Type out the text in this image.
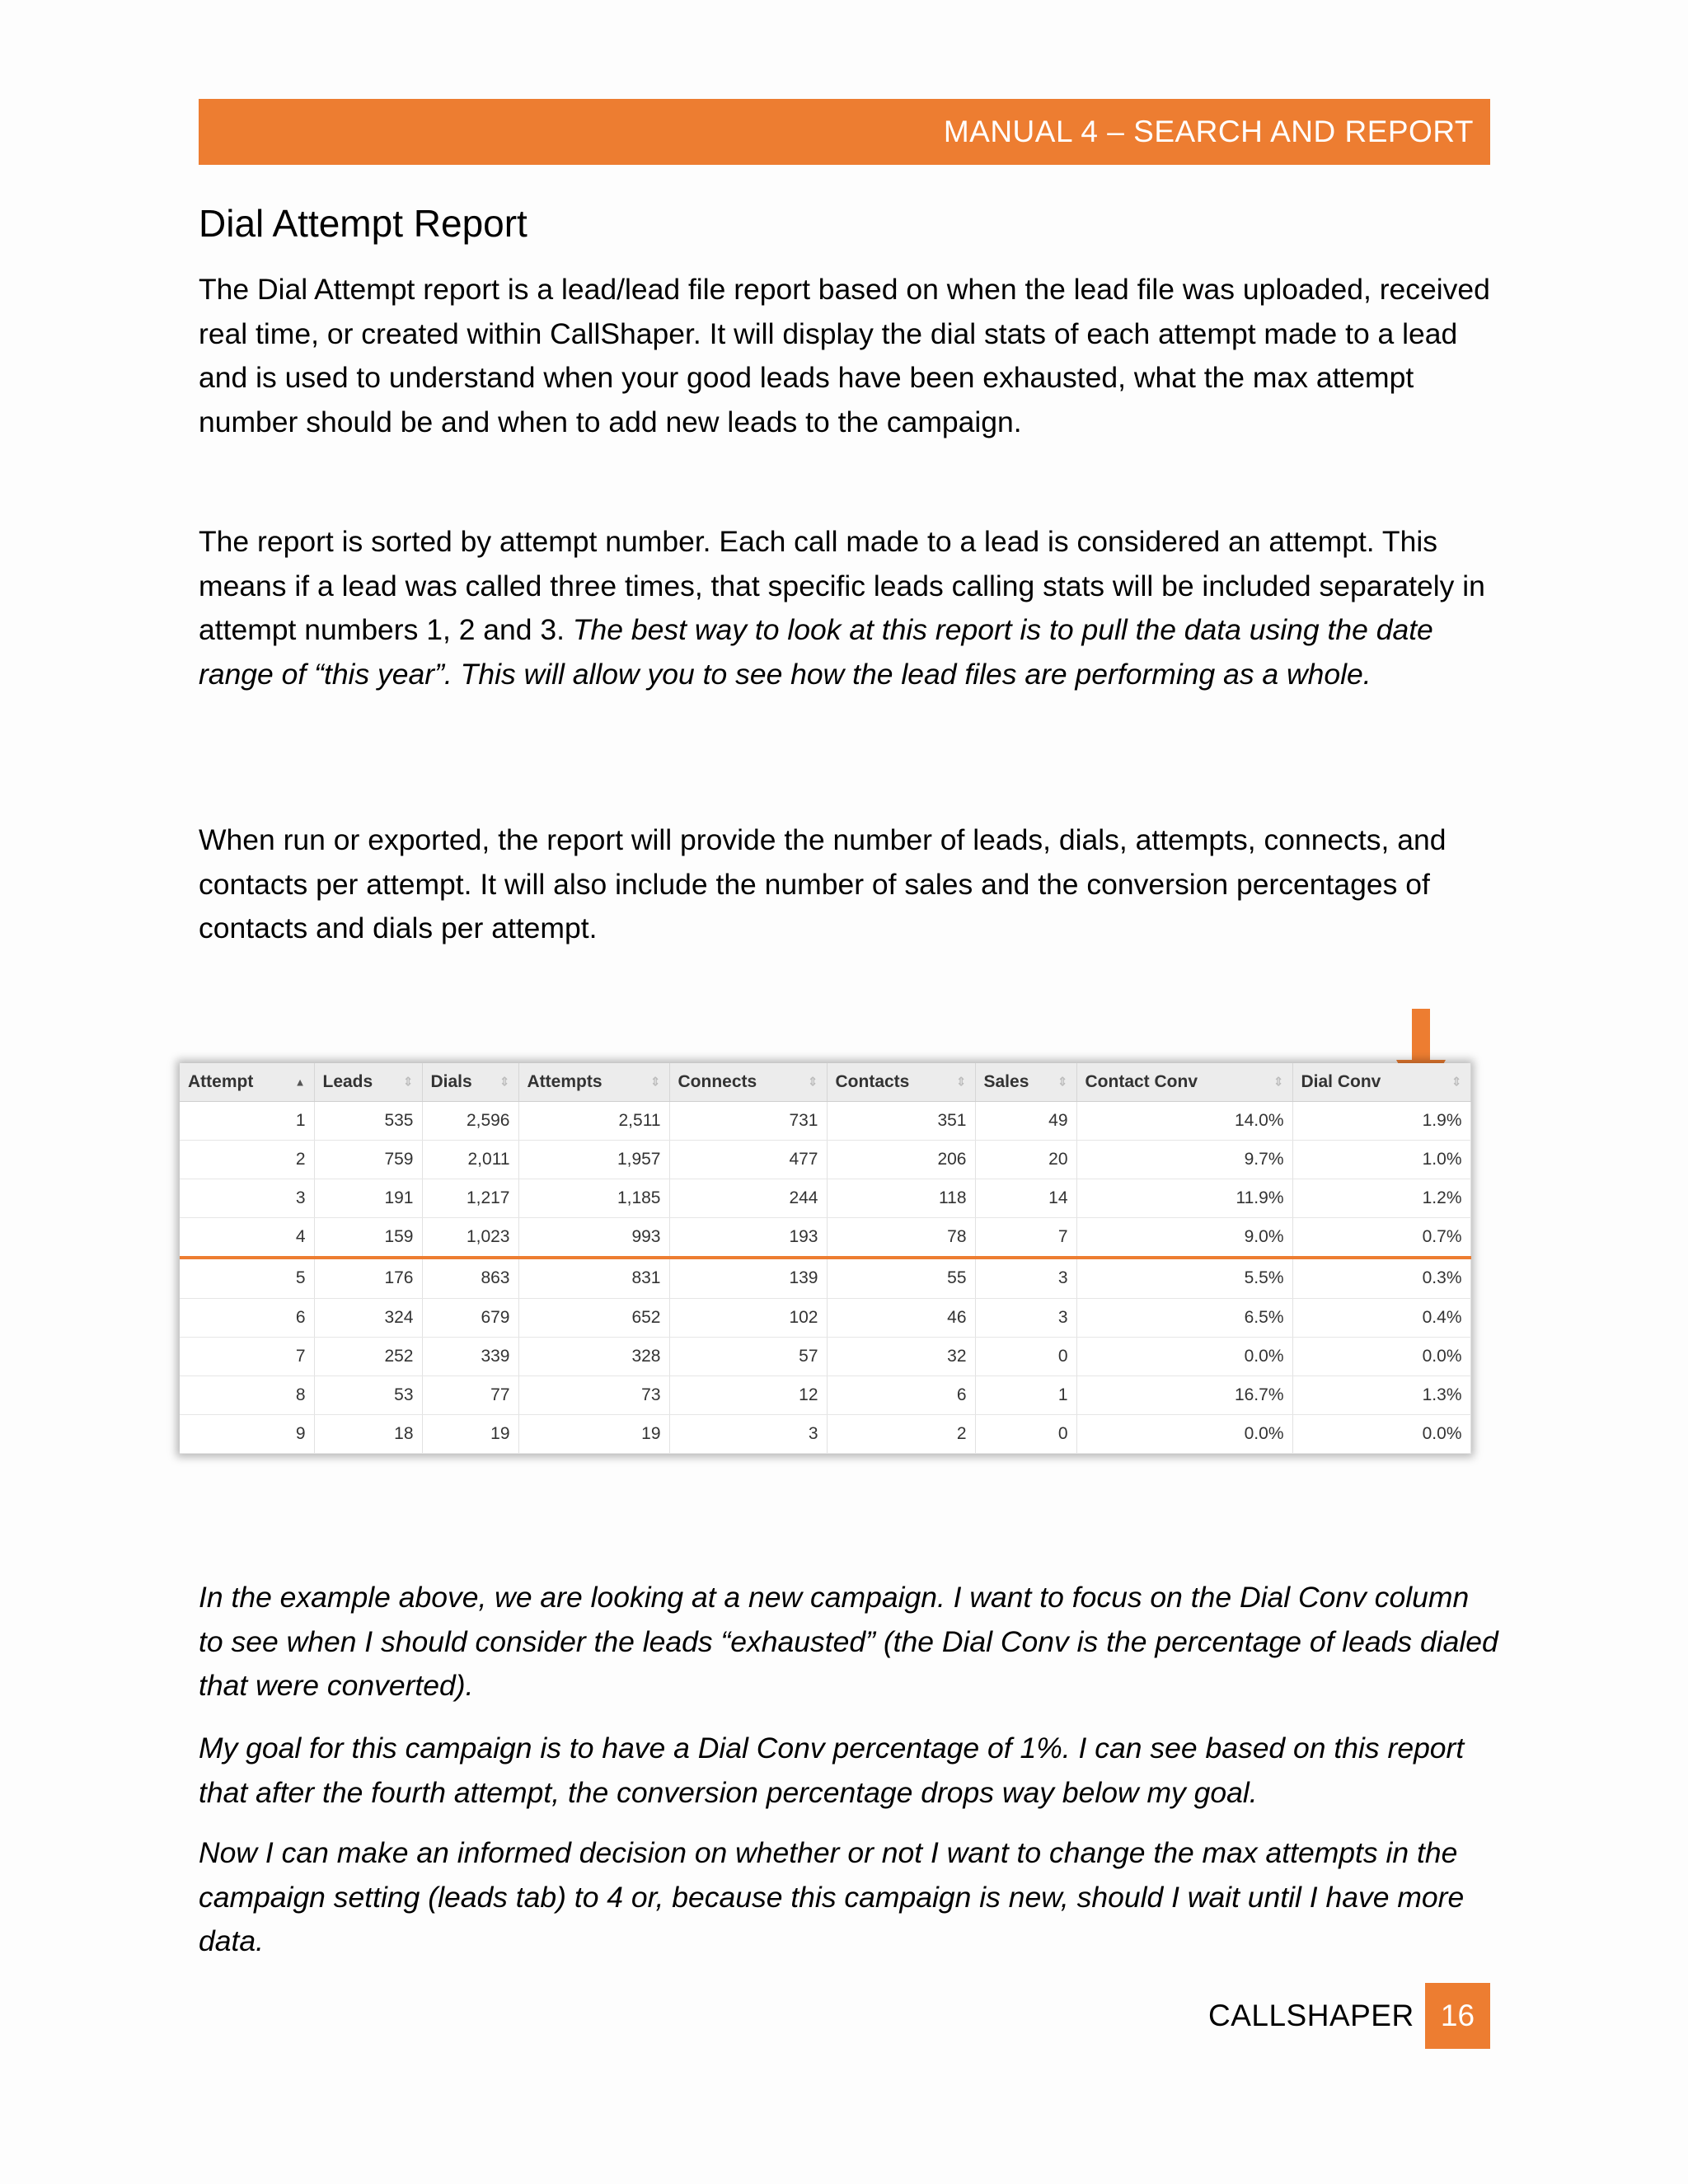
MANUAL 4 – SEARCH AND REPORT
Dial Attempt Report

The Dial Attempt report is a lead/lead file report based on when the lead file was uploaded, received real time, or created within CallShaper. It will display the dial stats of each attempt made to a lead and is used to understand when your good leads have been exhausted, what the max attempt number should be and when to add new leads to the campaign.

The report is sorted by attempt number. Each call made to a lead is considered an attempt. This means if a lead was called three times, that specific leads calling stats will be included separately in attempt numbers 1, 2 and 3. The best way to look at this report is to pull the data using the date range of “this year”. This will allow you to see how the lead files are performing as a whole.

When run or exported, the report will provide the number of leads, dials, attempts, connects, and contacts per attempt. It will also include the number of sales and the conversion percentages of contacts and dials per attempt.

Attempt ▲	Leads ⇕	Dials ⇕	Attempts ⇕	Connects ⇕	Contacts ⇕	Sales ⇕	Contact Conv ⇕	Dial Conv ⇕

1	535	2,596	2,511	731	351	49	14.0%	1.9%
2	759	2,011	1,957	477	206	20	9.7%	1.0%
3	191	1,217	1,185	244	118	14	11.9%	1.2%
4	159	1,023	993	193	78	7	9.0%	0.7%
5	176	863	831	139	55	3	5.5%	0.3%
6	324	679	652	102	46	3	6.5%	0.4%
7	252	339	328	57	32	0	0.0%	0.0%
8	53	77	73	12	6	1	16.7%	1.3%
9	18	19	19	3	2	0	0.0%	0.0%

In the example above, we are looking at a new campaign. I want to focus on the Dial Conv column to see when I should consider the leads “exhausted” (the Dial Conv is the percentage of leads dialed that were converted).

My goal for this campaign is to have a Dial Conv percentage of 1%. I can see based on this report that after the fourth attempt, the conversion percentage drops way below my goal.

Now I can make an informed decision on whether or not I want to change the max attempts in the campaign setting (leads tab) to 4 or, because this campaign is new, should I wait until I have more data.

CALLSHAPER 16
